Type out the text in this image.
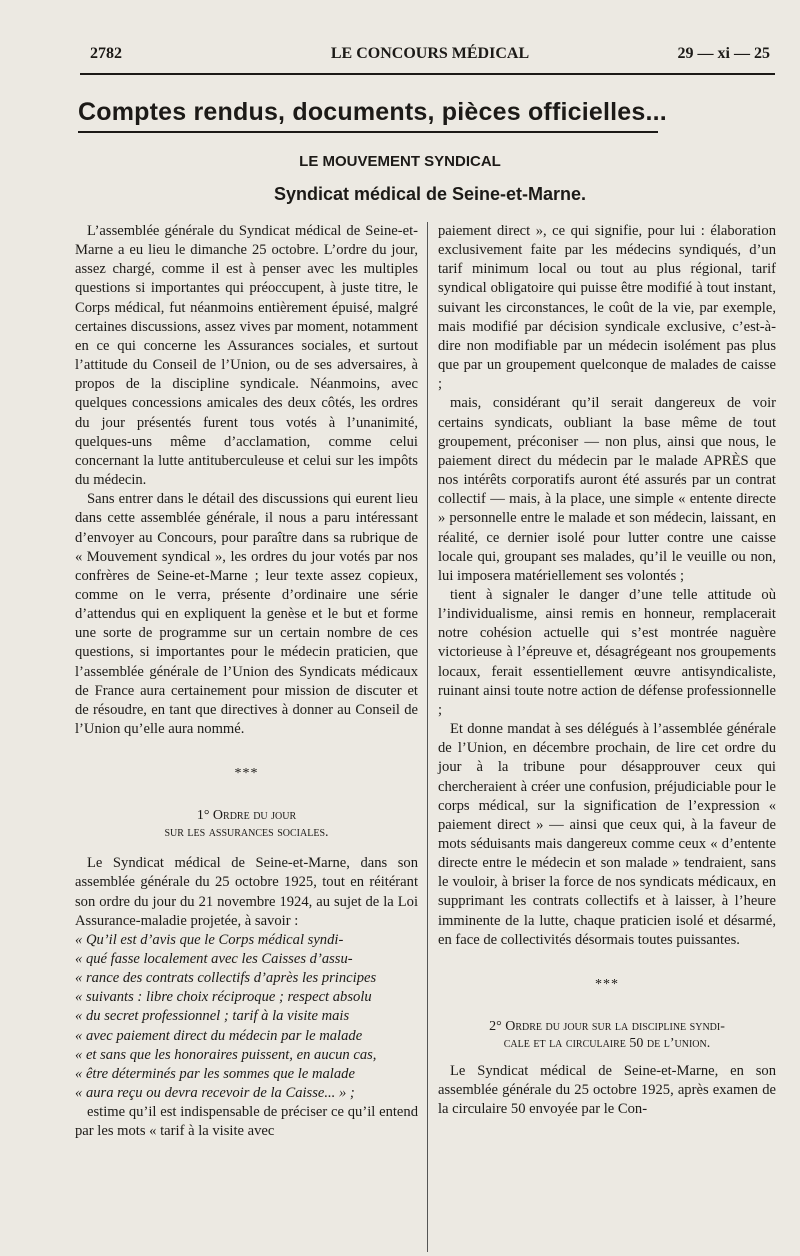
2782	LE CONCOURS MÉDICAL	29 — xi — 25
Comptes rendus, documents, pièces officielles...
LE MOUVEMENT SYNDICAL
Syndicat médical de Seine-et-Marne.

L’assemblée générale du Syndicat médical de Seine-et-Marne a eu lieu le dimanche 25 octobre. L’ordre du jour, assez chargé, comme il est à penser avec les multiples questions si importantes qui préoccupent, à juste titre, le Corps médical, fut néanmoins entièrement épuisé, malgré certaines discussions, assez vives par moment, notamment en ce qui concerne les Assurances sociales, et surtout l’attitude du Conseil de l’Union, ou de ses adversaires, à propos de la discipline syndicale. Néanmoins, avec quelques concessions amicales des deux côtés, les ordres du jour présentés furent tous votés à l’unanimité, quelques-uns même d’acclamation, comme celui concernant la lutte antituberculeuse et celui sur les impôts du médecin.

Sans entrer dans le détail des discussions qui eurent lieu dans cette assemblée générale, il nous a paru intéressant d’envoyer au Concours, pour paraître dans sa rubrique de « Mouvement syndical », les ordres du jour votés par nos confrères de Seine-et-Marne ; leur texte assez copieux, comme on le verra, présente d’ordinaire une série d’attendus qui en expliquent la genèse et le but et forme une sorte de programme sur un certain nombre de ces questions, si importantes pour le médecin praticien, que l’assemblée générale de l’Union des Syndicats médicaux de France aura certainement pour mission de discuter et de résoudre, en tant que directives à donner au Conseil de l’Union qu’elle aura nommé.

***
1° Ordre du jour
sur les assurances sociales.

Le Syndicat médical de Seine-et-Marne, dans son assemblée générale du 25 octobre 1925, tout en réitérant son ordre du jour du 21 novembre 1924, au sujet de la Loi Assurance-maladie projetée, à savoir :

« Qu’il est d’avis que le Corps médical syndi-
« qué fasse localement avec les Caisses d’assu-
« rance des contrats collectifs d’après les principes
« suivants : libre choix réciproque ; respect absolu
« du secret professionnel ; tarif à la visite mais
« avec paiement direct du médecin par le malade
« et sans que les honoraires puissent, en aucun cas,
« être déterminés par les sommes que le malade
« aura reçu ou devra recevoir de la Caisse... » ;

estime qu’il est indispensable de préciser ce qu’il entend par les mots « tarif à la visite avec

paiement direct », ce qui signifie, pour lui : élaboration exclusivement faite par les médecins syndiqués, d’un tarif minimum local ou tout au plus régional, tarif syndical obligatoire qui puisse être modifié à tout instant, suivant les circonstances, le coût de la vie, par exemple, mais modifié par décision syndicale exclusive, c’est-à-dire non modifiable par un médecin isolément pas plus que par un groupement quelconque de malades de caisse ;

mais, considérant qu’il serait dangereux de voir certains syndicats, oubliant la base même de tout groupement, préconiser — non plus, ainsi que nous, le paiement direct du médecin par le malade APRÈS que nos intérêts corporatifs auront été assurés par un contrat collectif — mais, à la place, une simple « entente directe » personnelle entre le malade et son médecin, laissant, en réalité, ce dernier isolé pour lutter contre une caisse locale qui, groupant ses malades, qu’il le veuille ou non, lui imposera matériellement ses volontés ;

tient à signaler le danger d’une telle attitude où l’individualisme, ainsi remis en honneur, remplacerait notre cohésion actuelle qui s’est montrée naguère victorieuse à l’épreuve et, désagrégeant nos groupements locaux, ferait essentiellement œuvre antisyndicaliste, ruinant ainsi toute notre action de défense professionnelle ;

Et donne mandat à ses délégués à l’assemblée générale de l’Union, en décembre prochain, de lire cet ordre du jour à la tribune pour désapprouver ceux qui chercheraient à créer une confusion, préjudiciable pour le corps médical, sur la signification de l’expression « paiement direct » — ainsi que ceux qui, à la faveur de mots séduisants mais dangereux comme ceux « d’entente directe entre le médecin et son malade » tendraient, sans le vouloir, à briser la force de nos syndicats médicaux, en supprimant les contrats collectifs et à laisser, à l’heure imminente de la lutte, chaque praticien isolé et désarmé, en face de collectivités désormais toutes puissantes.

***
2° Ordre du jour sur la discipline syndi-
cale et la circulaire 50 de l’union.

Le Syndicat médical de Seine-et-Marne, en son assemblée générale du 25 octobre 1925, après examen de la circulaire 50 envoyée par le Con-
